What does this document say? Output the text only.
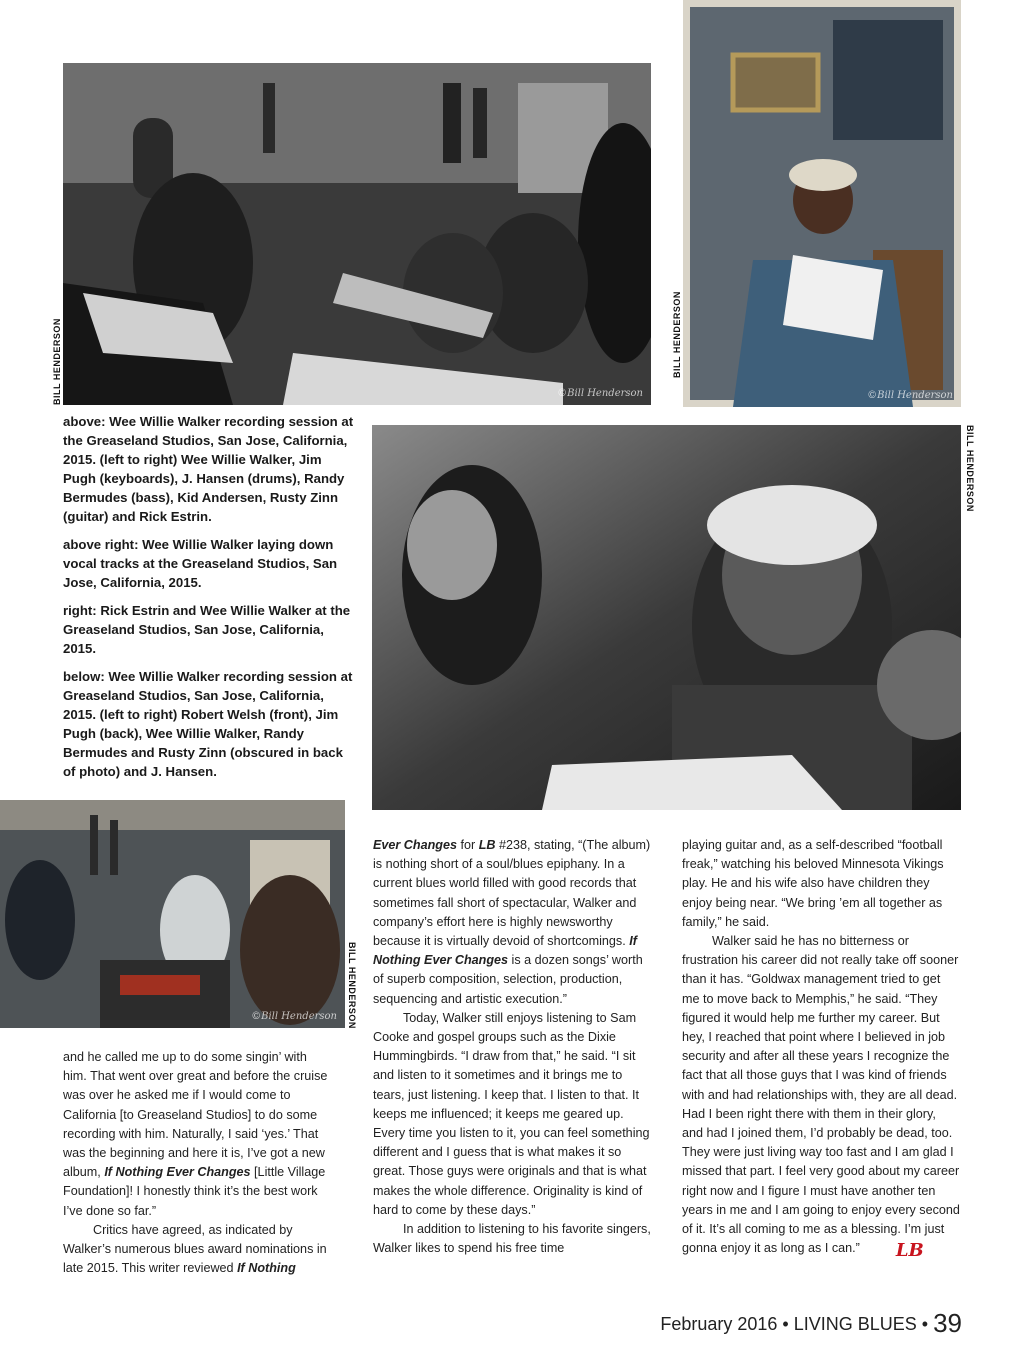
©Bill Henderson
BILL HENDERSON	©Bill Henderson
BILL HENDERSON

above: Wee Willie Walker recording session at the Greaseland Studios, San Jose, California, 2015. (left to right) Wee Willie Walker, Jim Pugh (keyboards), J. Hansen (drums), Randy Bermudes (bass), Kid Andersen, Rusty Zinn (guitar) and Rick Estrin.

above right: Wee Willie Walker laying down vocal tracks at the Greaseland Studios, San Jose, California, 2015.

right: Rick Estrin and Wee Willie Walker at the Greaseland Studios, San Jose, California, 2015.

below: Wee Willie Walker recording session at Greaseland Studios, San Jose, California, 2015. (left to right) Robert Welsh (front), Jim Pugh (back), Wee Willie Walker, Randy Bermudes and Rusty Zinn (obscured in back of photo) and J. Hansen.

BILL HENDERSON
©Bill Henderson BILL HENDERSON

and he called me up to do some singin’ with him. That went over great and before the cruise was over he asked me if I would come to California [to Greaseland Studios] to do some recording with him. Naturally, I said ‘yes.’ That was the beginning and here it is, I’ve got a new album, If Nothing Ever Changes [Little Village Foundation]! I honestly think it’s the best work I’ve done so far.”

Critics have agreed, as indicated by Walker’s numerous blues award nominations in late 2015. This writer reviewed If Nothing

Ever Changes for LB #238, stating, “(The album) is nothing short of a soul/blues epiphany. In a current blues world filled with good records that sometimes fall short of spectacular, Walker and company’s effort here is highly newsworthy because it is virtually devoid of shortcomings. If Nothing Ever Changes is a dozen songs’ worth of superb composition, selection, production, sequencing and artistic execution.”

Today, Walker still enjoys listening to Sam Cooke and gospel groups such as the Dixie Hummingbirds. “I draw from that,” he said. “I sit and listen to it sometimes and it brings me to tears, just listening. I keep that. I listen to that. It keeps me influenced; it keeps me geared up. Every time you listen to it, you can feel something different and I guess that is what makes it so great. Those guys were originals and that is what makes the whole difference. Originality is kind of hard to come by these days.”

In addition to listening to his favorite singers, Walker likes to spend his free time

playing guitar and, as a self-described “football freak,” watching his beloved Minnesota Vikings play. He and his wife also have children they enjoy being near. “We bring ’em all together as family,” he said.

Walker said he has no bitterness or frustration his career did not really take off sooner than it has. “Goldwax management tried to get me to move back to Memphis,” he said. “They figured it would help me further my career. But hey, I reached that point where I believed in job security and after all these years I recognize the fact that all those guys that I was kind of friends with and had relationships with, they are all dead. Had I been right there with them in their glory, and had I joined them, I’d probably be dead, too. They were just living way too fast and I am glad I missed that part. I feel very good about my career right now and I figure I must have another ten years in me and I am going to enjoy every second of it. It’s all coming to me as a blessing. I’m just gonna enjoy it as long as I can.” LB

February 2016 • LIVING BLUES • 39
